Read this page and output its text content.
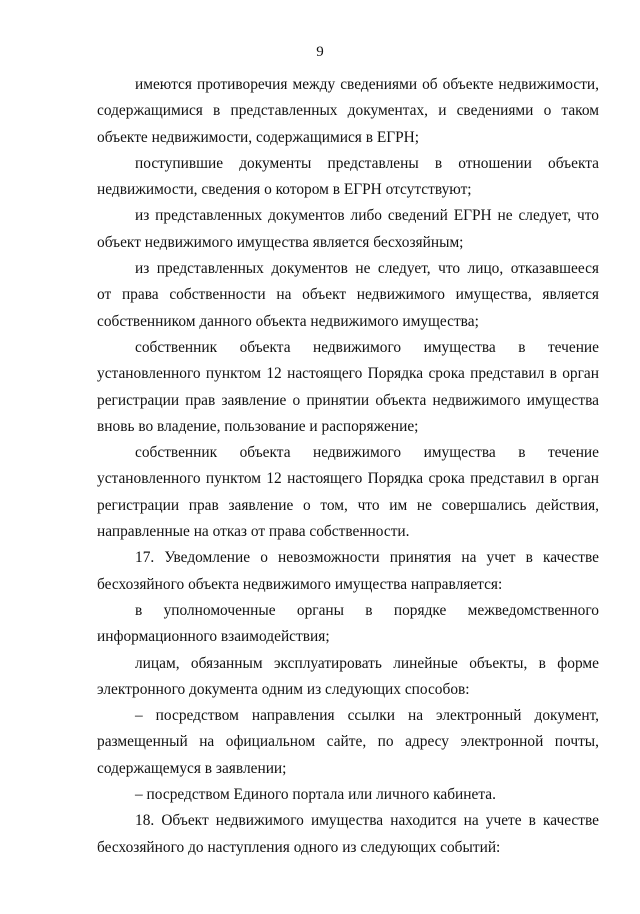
9

имеются противоречия между сведениями об объекте недвижимости,
содержащимися в представленных документах, и сведениями о таком
объекте недвижимости, содержащимися в ЕГРН;

поступившие документы представлены в отношении объекта
недвижимости, сведения о котором в ЕГРН отсутствуют;

из представленных документов либо сведений ЕГРН не следует, что
объект недвижимого имущества является бесхозяйным;

из представленных документов не следует, что лицо, отказавшееся
от права собственности на объект недвижимого имущества, является
собственником данного объекта недвижимого имущества;

собственник объекта недвижимого имущества в течение
установленного пунктом 12 настоящего Порядка срока представил в орган
регистрации прав заявление о принятии объекта недвижимого имущества
вновь во владение, пользование и распоряжение;

собственник объекта недвижимого имущества в течение
установленного пунктом 12 настоящего Порядка срока представил в орган
регистрации прав заявление о том, что им не совершались действия,
направленные на отказ от права собственности.

17. Уведомление о невозможности принятия на учет в качестве
бесхозяйного объекта недвижимого имущества направляется:

в уполномоченные органы в порядке межведомственного
информационного взаимодействия;

лицам, обязанным эксплуатировать линейные объекты, в форме
электронного документа одним из следующих способов:

– посредством направления ссылки на электронный документ,
размещенный на официальном сайте, по адресу электронной почты,
содержащемуся в заявлении;

– посредством Единого портала или личного кабинета.

18. Объект недвижимого имущества находится на учете в качестве
бесхозяйного до наступления одного из следующих событий:
